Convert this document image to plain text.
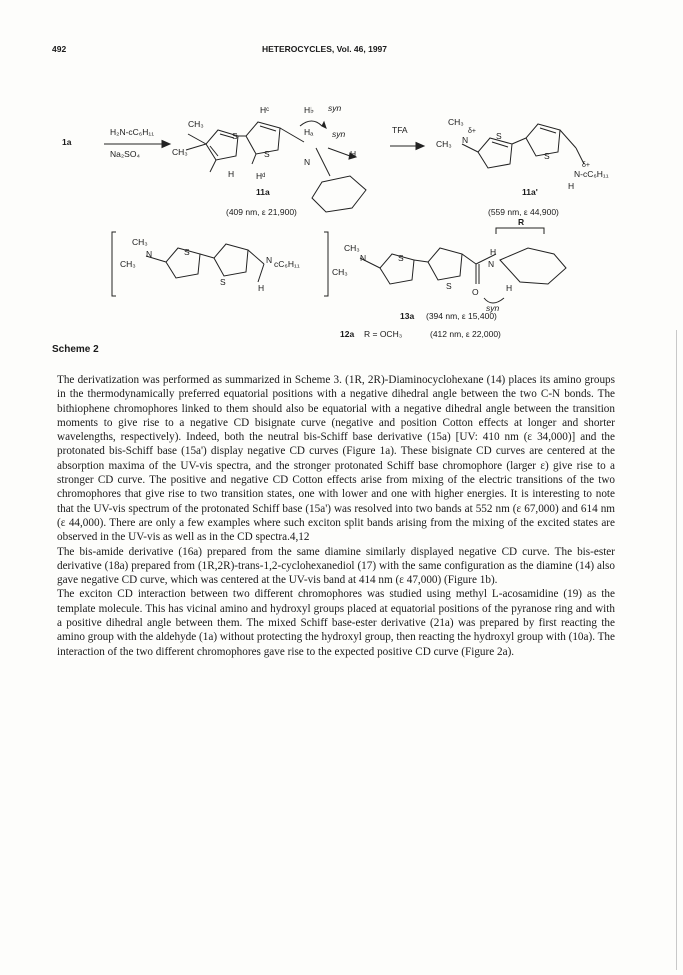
492	HETEROCYCLES, Vol. 46, 1997
1a
H₂N-cC₆H₁₁
Na₂SO₄
CH₃
CH₃
S
S
Hᶜ	H♭ syn
Hₐ syn
H
N
H	Hᵈ
11a
(409 nm, ε 21,900)
TFA
CH₃
δ+
CH₃ N	S
S
δ+
N-cC₆H₁₁
H
11a'
(559 nm, ε 44,900)
CH₃
CH₃
N	S
S
N cC₆H₁₁
H
CH₃
CH₃
N	S
S
R
H
N
O	H
syn
13a (394 nm, ε 15,400)
12a R = OCH₃	(412 nm, ε 22,000)
Scheme 2

The derivatization was performed as summarized in Scheme 3. (1R, 2R)-Diaminocyclohexane (14) places its amino groups in the thermodynamically preferred equatorial positions with a negative dihedral angle between the two C-N bonds. The bithiophene chromophores linked to them should also be equatorial with a negative dihedral angle between the transition moments to give rise to a negative CD bisignate curve (negative and position Cotton effects at longer and shorter wavelengths, respectively). Indeed, both the neutral bis-Schiff base derivative (15a) [UV: 410 nm (ε 34,000)] and the protonated bis-Schiff base (15a') display negative CD curves (Figure 1a). These bisignate CD curves are centered at the absorption maxima of the UV-vis spectra, and the stronger protonated Schiff base chromophore (larger ε) give rise to a stronger CD curve. The positive and negative CD Cotton effects arise from mixing of the electric transitions of the two chromophores that give rise to two transition states, one with lower and one with higher energies. It is interesting to note that the UV-vis spectrum of the protonated Schiff base (15a') was resolved into two bands at 552 nm (ε 67,000) and 614 nm (ε 44,000). There are only a few examples where such exciton split bands arising from the mixing of the excited states are observed in the UV-vis as well as in the CD spectra.4,12

The bis-amide derivative (16a) prepared from the same diamine similarly displayed negative CD curve. The bis-ester derivative (18a) prepared from (1R,2R)-trans-1,2-cyclohexanediol (17) with the same configuration as the diamine (14) also gave negative CD curve, which was centered at the UV-vis band at 414 nm (ε 47,000) (Figure 1b).

The exciton CD interaction between two different chromophores was studied using methyl L-acosamidine (19) as the template molecule. This has vicinal amino and hydroxyl groups placed at equatorial positions of the pyranose ring and with a positive dihedral angle between them. The mixed Schiff base-ester derivative (21a) was prepared by first reacting the amino group with the aldehyde (1a) without protecting the hydroxyl group, then reacting the hydroxyl group with (10a). The interaction of the two different chromophores gave rise to the expected positive CD curve (Figure 2a).
